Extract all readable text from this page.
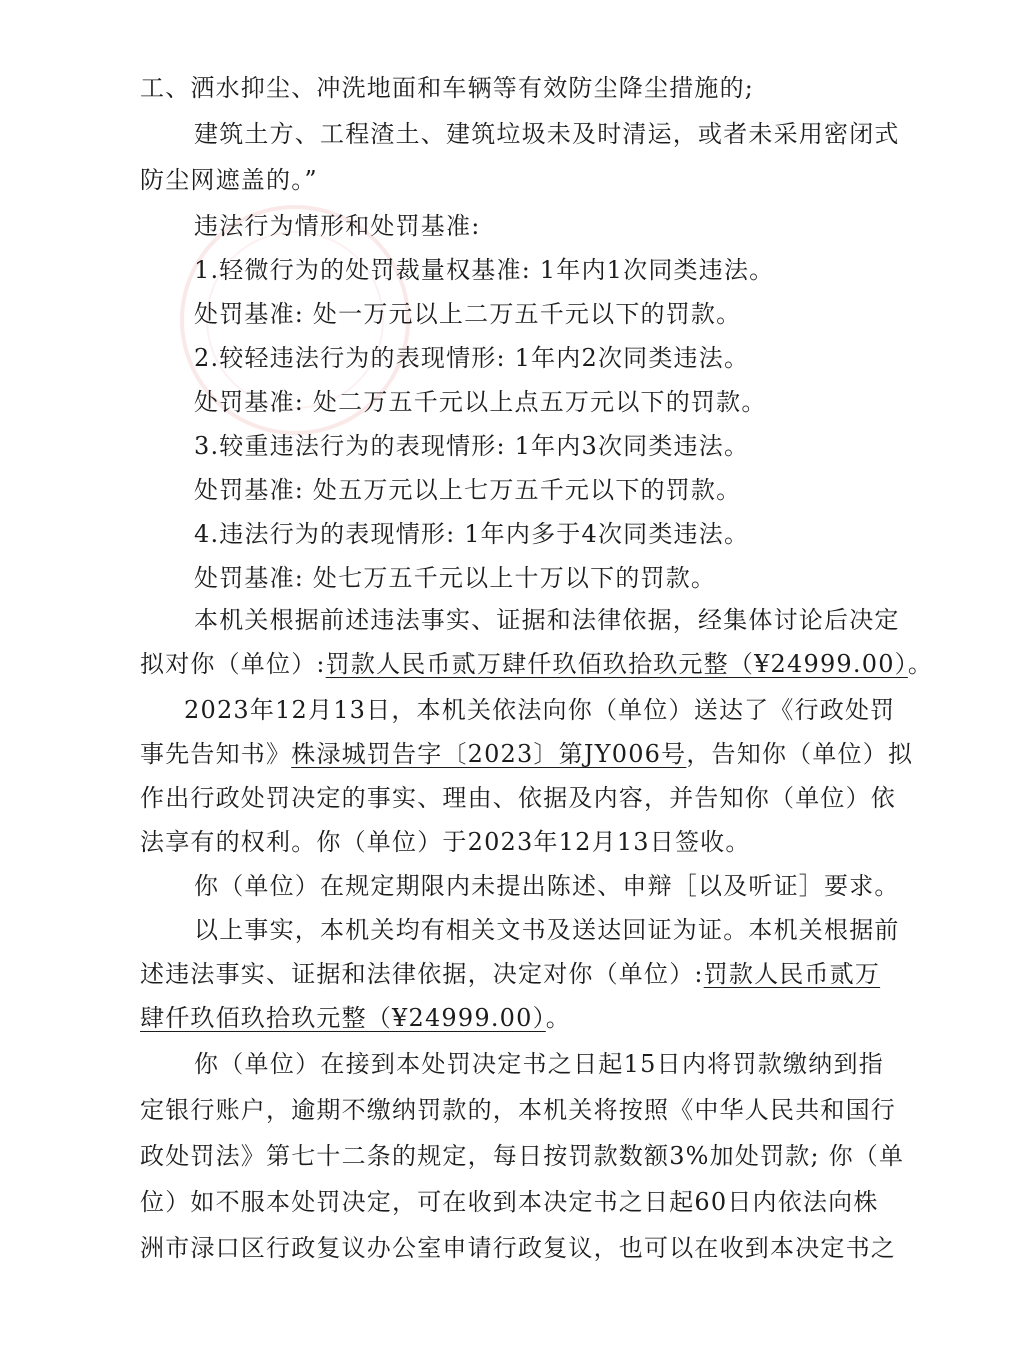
工、洒水抑尘、冲洗地面和车辆等有效防尘降尘措施的;
建筑土方、工程渣土、建筑垃圾未及时清运，或者未采用密闭式
防尘网遮盖的。”
违法行为情形和处罚基准:
1.轻微行为的处罚裁量权基准: 1年内1次同类违法。
处罚基准: 处一万元以上二万五千元以下的罚款。
2.较轻违法行为的表现情形: 1年内2次同类违法。
处罚基准: 处二万五千元以上点五万元以下的罚款。
3.较重违法行为的表现情形: 1年内3次同类违法。
处罚基准: 处五万元以上七万五千元以下的罚款。
4.违法行为的表现情形: 1年内多于4次同类违法。
处罚基准: 处七万五千元以上十万以下的罚款。
本机关根据前述违法事实、证据和法律依据，经集体讨论后决定
拟对你（单位）:罚款人民币贰万肆仟玖佰玖拾玖元整（¥24999.00）。
2023年12月13日，本机关依法向你（单位）送达了《行政处罚
事先告知书》株渌城罚告字〔2023〕第JY006号，告知你（单位）拟
作出行政处罚决定的事实、理由、依据及内容，并告知你（单位）依
法享有的权利。你（单位）于2023年12月13日签收。
你（单位）在规定期限内未提出陈述、申辩［以及听证］要求。
以上事实，本机关均有相关文书及送达回证为证。本机关根据前
述违法事实、证据和法律依据，决定对你（单位）:罚款人民币贰万
肆仟玖佰玖拾玖元整（¥24999.00）。
你（单位）在接到本处罚决定书之日起15日内将罚款缴纳到指
定银行账户，逾期不缴纳罚款的，本机关将按照《中华人民共和国行
政处罚法》第七十二条的规定，每日按罚款数额3%加处罚款; 你（单
位）如不服本处罚决定，可在收到本决定书之日起60日内依法向株
洲市渌口区行政复议办公室申请行政复议，也可以在收到本决定书之
